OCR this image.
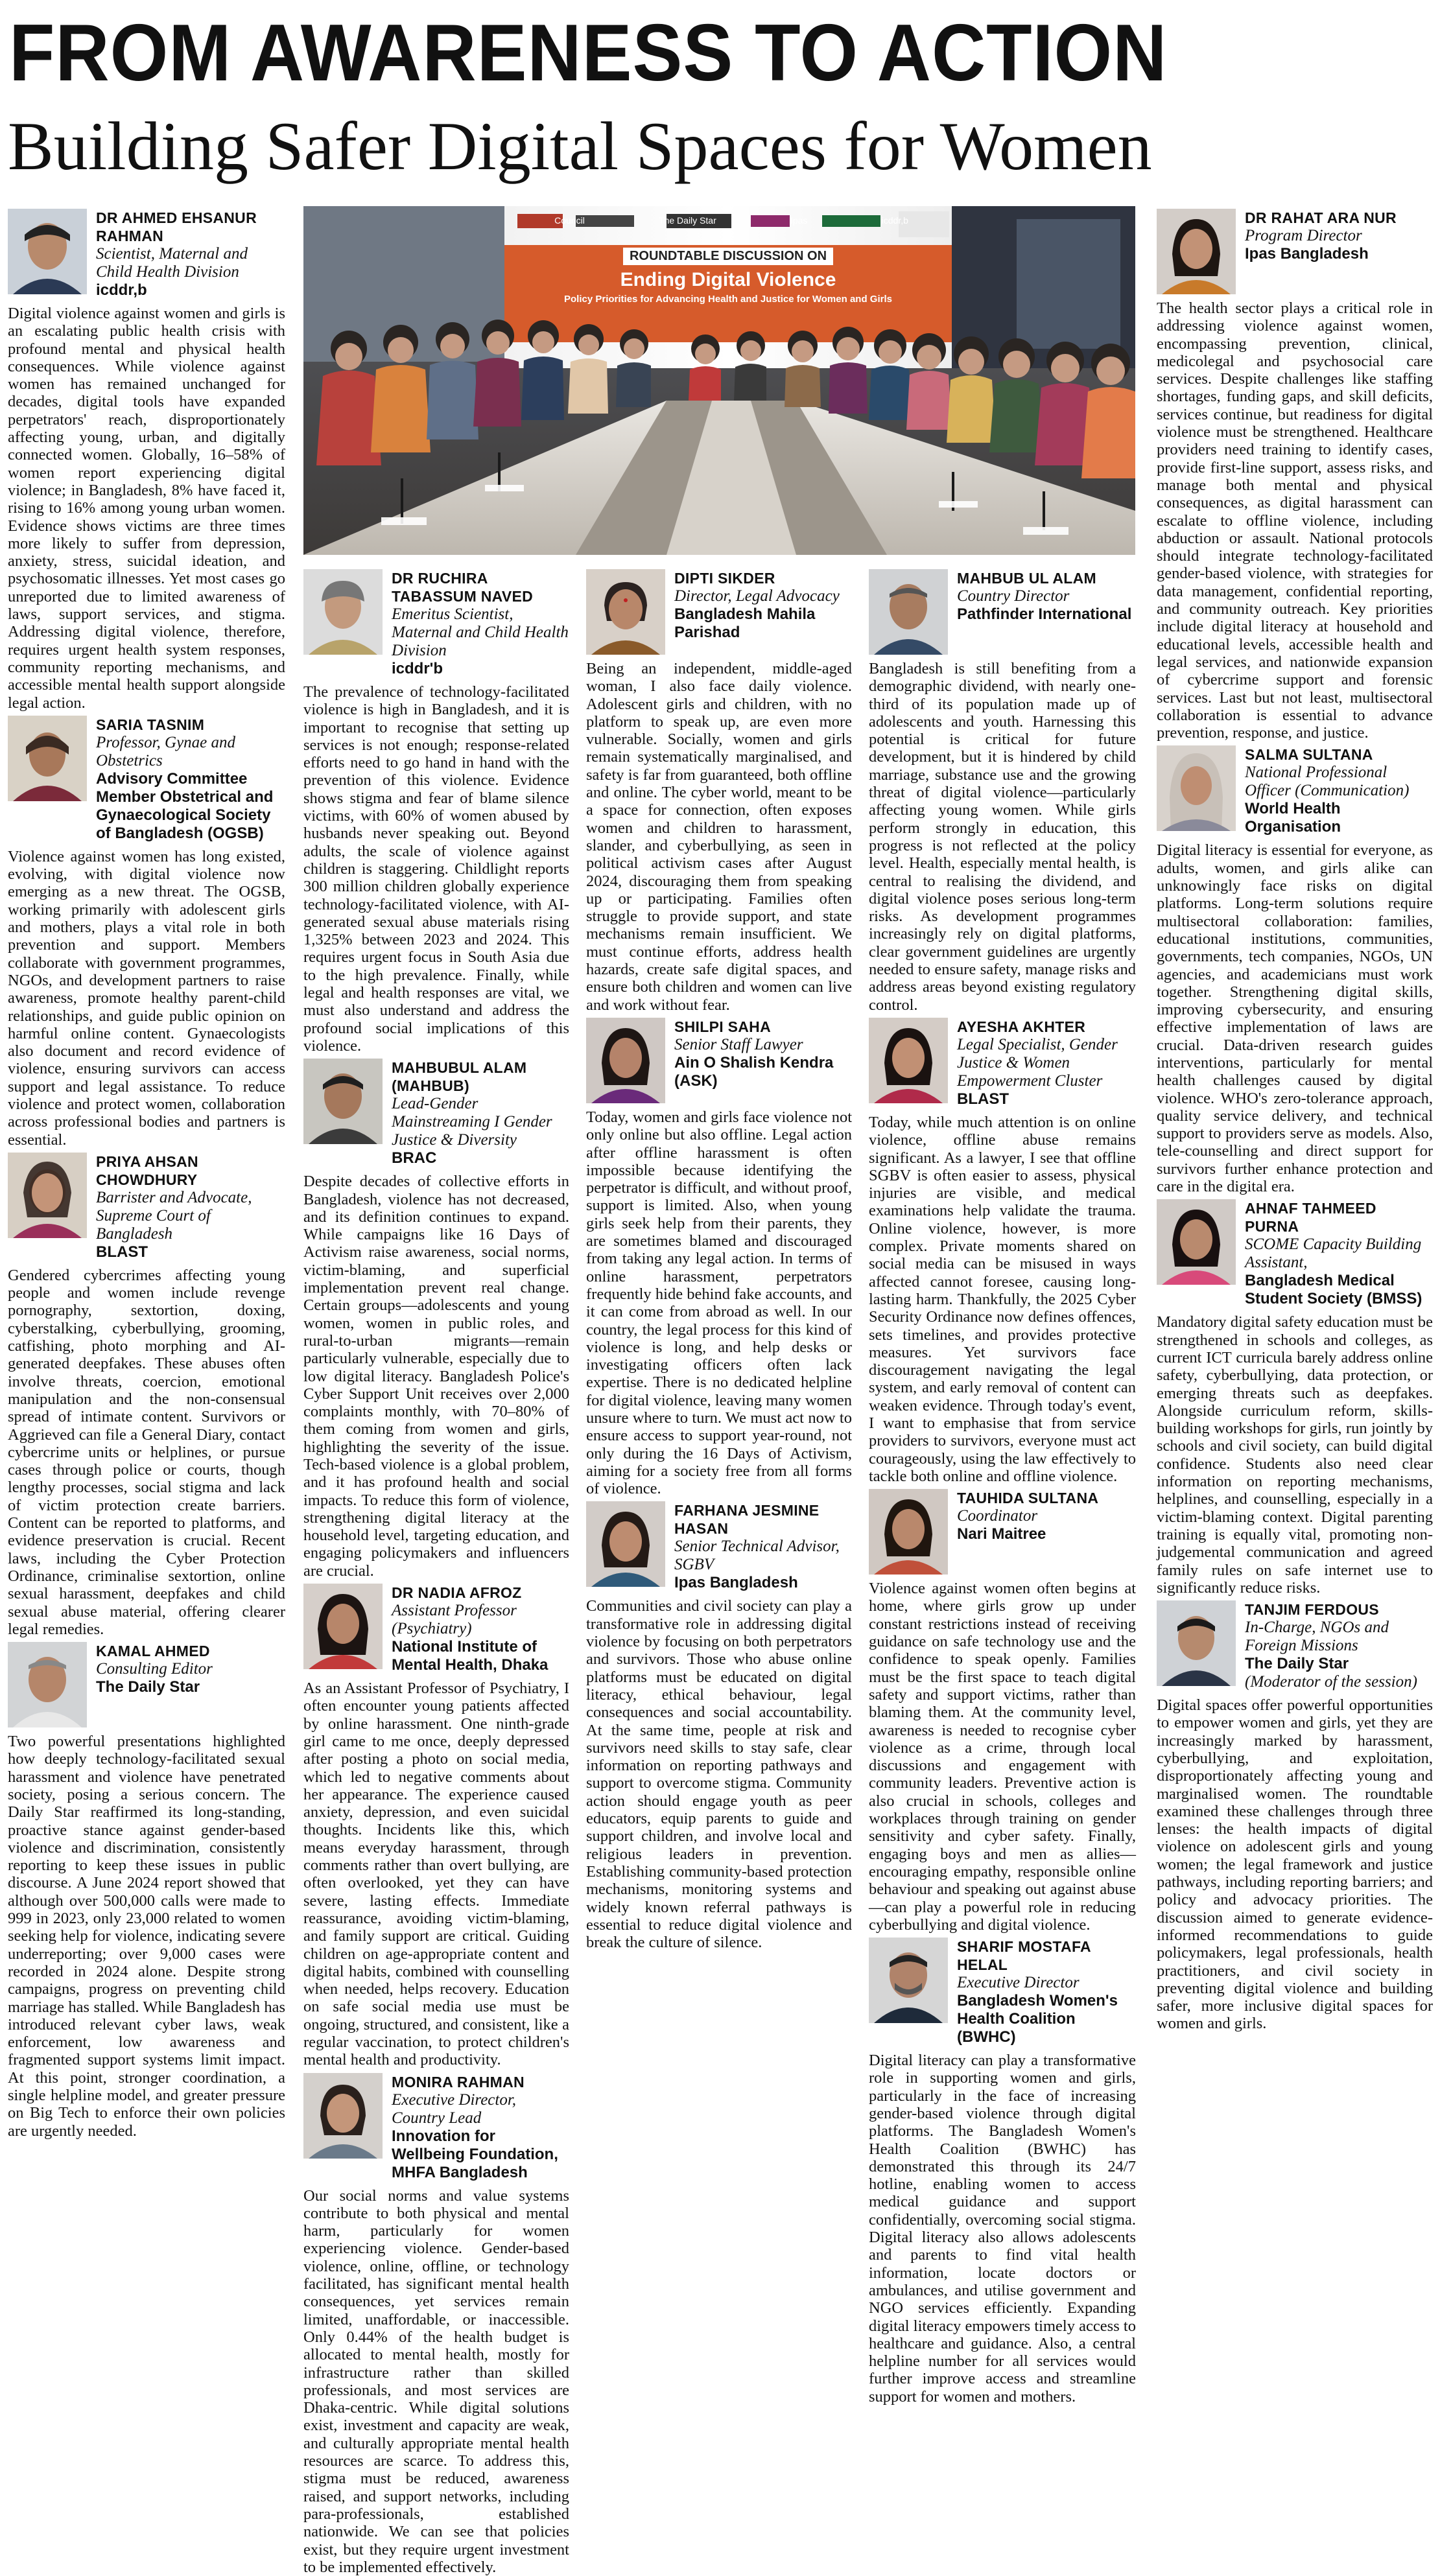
FROM AWARENESS TO ACTION
Building Safer Digital Spaces for Women
ROUNDTABLE DISCUSSION ON
Ending Digital Violence
Policy Priorities for Advancing Health and Justice for Women and Girls
Council	The Daily Star	Ipas	icddr,b
DR AHMED EHSANUR RAHMAN
Scientist, Maternal and Child Health Division
icddr,b

Digital violence against women and girls is an escalating public health crisis with profound mental and physical health consequences. While violence against women has remained unchanged for decades, digital tools have expanded perpetrators' reach, disproportionately affecting young, urban, and digitally connected women. Globally, 16–58% of women report experiencing digital violence; in Bangladesh, 8% have faced it, rising to 16% among young urban women. Evidence shows victims are three times more likely to suffer from depression, anxiety, stress, suicidal ideation, and psychosomatic illnesses. Yet most cases go unreported due to limited awareness of laws, support services, and stigma. Addressing digital violence, therefore, requires urgent health system responses, community reporting mechanisms, and accessible mental health support alongside legal action.

SARIA TASNIM
Professor, Gynae and Obstetrics
Advisory Committee Member Obstetrical and Gynaecological Society of Bangladesh (OGSB)

Violence against women has long existed, evolving, with digital violence now emerging as a new threat. The OGSB, working primarily with adolescent girls and mothers, plays a vital role in both prevention and support. Members collaborate with government programmes, NGOs, and development partners to raise awareness, promote healthy parent-child relationships, and guide public opinion on harmful online content. Gynaecologists also document and record evidence of violence, ensuring survivors can access support and legal assistance. To reduce violence and protect women, collaboration across professional bodies and partners is essential.

PRIYA AHSAN CHOWDHURY
Barrister and Advocate, Supreme Court of Bangladesh
BLAST

Gendered cybercrimes affecting young people and women include revenge pornography, sextortion, doxing, cyberstalking, cyberbullying, grooming, catfishing, photo morphing and AI-generated deepfakes. These abuses often involve threats, coercion, emotional manipulation and the non-consensual spread of intimate content. Survivors or Aggrieved can file a General Diary, contact cybercrime units or helplines, or pursue cases through police or courts, though lengthy processes, social stigma and lack of victim protection create barriers. Content can be reported to platforms, and evidence preservation is crucial. Recent laws, including the Cyber Protection Ordinance, criminalise sextortion, online sexual harassment, deepfakes and child sexual abuse material, offering clearer legal remedies.

KAMAL AHMED
Consulting Editor
The Daily Star

Two powerful presentations highlighted how deeply technology-facilitated sexual harassment and violence have penetrated society, posing a serious concern. The Daily Star reaffirmed its long-standing, proactive stance against gender-based violence and discrimination, consistently reporting to keep these issues in public discourse. A June 2024 report showed that although over 500,000 calls were made to 999 in 2023, only 23,000 related to women seeking help for violence, indicating severe underreporting; over 9,000 cases were recorded in 2024 alone. Despite strong campaigns, progress on preventing child marriage has stalled. While Bangladesh has introduced relevant cyber laws, weak enforcement, low awareness and fragmented support systems limit impact. At this point, stronger coordination, a single helpline model, and greater pressure on Big Tech to enforce their own policies are urgently needed.

DR RUCHIRA TABASSUM NAVED
Emeritus Scientist, Maternal and Child Health Division
icddr'b

The prevalence of technology-facilitated violence is high in Bangladesh, and it is important to recognise that setting up services is not enough; response-related efforts need to go hand in hand with the prevention of this violence. Evidence shows stigma and fear of blame silence victims, with 60% of women abused by husbands never speaking out. Beyond adults, the scale of violence against children is staggering. Childlight reports 300 million children globally experience technology-facilitated violence, with AI-generated sexual abuse materials rising 1,325% between 2023 and 2024. This requires urgent focus in South Asia due to the high prevalence. Finally, while legal and health responses are vital, we must also understand and address the profound social implications of this violence.

MAHBUBUL ALAM (MAHBUB)
Lead-Gender Mainstreaming I Gender Justice & Diversity
BRAC

Despite decades of collective efforts in Bangladesh, violence has not decreased, and its definition continues to expand. While campaigns like 16 Days of Activism raise awareness, social norms, victim-blaming, and superficial implementation prevent real change. Certain groups—adolescents and young women, women in public roles, and rural-to-urban migrants—remain particularly vulnerable, especially due to low digital literacy. Bangladesh Police's Cyber Support Unit receives over 2,000 complaints monthly, with 70–80% of them coming from women and girls, highlighting the severity of the issue. Tech-based violence is a global problem, and it has profound health and social impacts. To reduce this form of violence, strengthening digital literacy at the household level, targeting education, and engaging policymakers and influencers are crucial.

DR NADIA AFROZ
Assistant Professor (Psychiatry)
National Institute of Mental Health, Dhaka

As an Assistant Professor of Psychiatry, I often encounter young patients affected by online harassment. One ninth-grade girl came to me once, deeply depressed after posting a photo on social media, which led to negative comments about her appearance. The experience caused anxiety, depression, and even suicidal thoughts. Incidents like this, which means everyday harassment, through comments rather than overt bullying, are often overlooked, yet they can have severe, lasting effects. Immediate reassurance, avoiding victim-blaming, and family support are critical. Guiding children on age-appropriate content and digital habits, combined with counselling when needed, helps recovery. Education on safe social media use must be ongoing, structured, and consistent, like a regular vaccination, to protect children's mental health and productivity.

MONIRA RAHMAN
Executive Director, Country Lead
Innovation for Wellbeing Foundation, MHFA Bangladesh

Our social norms and value systems contribute to both physical and mental harm, particularly for women experiencing violence. Gender-based violence, online, offline, or technology facilitated, has significant mental health consequences, yet services remain limited, unaffordable, or inaccessible. Only 0.44% of the health budget is allocated to mental health, mostly for infrastructure rather than skilled professionals, and most services are Dhaka-centric. While digital solutions exist, investment and capacity are weak, and culturally appropriate mental health resources are scarce. To address this, stigma must be reduced, awareness raised, and support networks, including para-professionals, established nationwide. We can see that policies exist, but they require urgent investment to be implemented effectively.

DIPTI SIKDER
Director, Legal Advocacy
Bangladesh Mahila Parishad

Being an independent, middle-aged woman, I also face daily violence. Adolescent girls and children, with no platform to speak up, are even more vulnerable. Socially, women and girls remain systematically marginalised, and safety is far from guaranteed, both offline and online. The cyber world, meant to be a space for connection, often exposes women and children to harassment, slander, and cyberbullying, as seen in political activism cases after August 2024, discouraging them from speaking up or participating. Families often struggle to provide support, and state mechanisms remain insufficient. We must continue efforts, address health hazards, create safe digital spaces, and ensure both children and women can live and work without fear.

SHILPI SAHA
Senior Staff Lawyer
Ain O Shalish Kendra (ASK)

Today, women and girls face violence not only online but also offline. Legal action after offline harassment is often impossible because identifying the perpetrator is difficult, and without proof, support is limited. Also, when young girls seek help from their parents, they are sometimes blamed and discouraged from taking any legal action. In terms of online harassment, perpetrators frequently hide behind fake accounts, and it can come from abroad as well. In our country, the legal process for this kind of violence is long, and help desks or investigating officers often lack expertise. There is no dedicated helpline for digital violence, leaving many women unsure where to turn. We must act now to ensure access to support year-round, not only during the 16 Days of Activism, aiming for a society free from all forms of violence.

FARHANA JESMINE HASAN
Senior Technical Advisor, SGBV
Ipas Bangladesh

Communities and civil society can play a transformative role in addressing digital violence by focusing on both perpetrators and survivors. Those who abuse online platforms must be educated on digital literacy, ethical behaviour, legal consequences and social accountability. At the same time, people at risk and survivors need skills to stay safe, clear information on reporting pathways and support to overcome stigma. Community action should engage youth as peer educators, equip parents to guide and support children, and involve local and religious leaders in prevention. Establishing community-based protection mechanisms, monitoring systems and widely known referral pathways is essential to reduce digital violence and break the culture of silence.

MAHBUB UL ALAM
Country Director
Pathfinder International

Bangladesh is still benefiting from a demographic dividend, with nearly one-third of its population made up of adolescents and youth. Harnessing this potential is critical for future development, but it is hindered by child marriage, substance use and the growing threat of digital violence—particularly affecting young women. While girls perform strongly in education, this progress is not reflected at the policy level. Health, especially mental health, is central to realising the dividend, and digital violence poses serious long-term risks. As development programmes increasingly rely on digital platforms, clear government guidelines are urgently needed to ensure safety, manage risks and address areas beyond existing regulatory control.

AYESHA AKHTER
Legal Specialist, Gender Justice & Women Empowerment Cluster
BLAST

Today, while much attention is on online violence, offline abuse remains significant. As a lawyer, I see that offline SGBV is often easier to assess, physical injuries are visible, and medical examinations help validate the trauma. Online violence, however, is more complex. Private moments shared on social media can be misused in ways affected cannot foresee, causing long-lasting harm. Thankfully, the 2025 Cyber Security Ordinance now defines offences, sets timelines, and provides protective measures. Yet survivors face discouragement navigating the legal system, and early removal of content can weaken evidence. Through today's event, I want to emphasise that from service providers to survivors, everyone must act courageously, using the law effectively to tackle both online and offline violence.

TAUHIDA SULTANA
Coordinator
Nari Maitree

Violence against women often begins at home, where girls grow up under constant restrictions instead of receiving guidance on safe technology use and the confidence to speak openly. Families must be the first space to teach digital safety and support victims, rather than blaming them. At the community level, awareness is needed to recognise cyber violence as a crime, through local discussions and engagement with community leaders. Preventive action is also crucial in schools, colleges and workplaces through training on gender sensitivity and cyber safety. Finally, engaging boys and men as allies—encouraging empathy, responsible online behaviour and speaking out against abuse—can play a powerful role in reducing cyberbullying and digital violence.

SHARIF MOSTAFA HELAL
Executive Director
Bangladesh Women's Health Coalition (BWHC)

Digital literacy can play a transformative role in supporting women and girls, particularly in the face of increasing gender-based violence through digital platforms. The Bangladesh Women's Health Coalition (BWHC) has demonstrated this through its 24/7 hotline, enabling women to access medical guidance and support confidentially, overcoming social stigma. Digital literacy also allows adolescents and parents to find vital health information, locate doctors or ambulances, and utilise government and NGO services efficiently. Expanding digital literacy empowers timely access to healthcare and guidance. Also, a central helpline number for all services would further improve access and streamline support for women and mothers.

DR RAHAT ARA NUR
Program Director
Ipas Bangladesh

The health sector plays a critical role in addressing violence against women, encompassing prevention, clinical, medicolegal and psychosocial care services. Despite challenges like staffing shortages, funding gaps, and skill deficits, services continue, but readiness for digital violence must be strengthened. Healthcare providers need training to identify cases, provide first-line support, assess risks, and manage both mental and physical consequences, as digital harassment can escalate to offline violence, including abduction or assault. National protocols should integrate technology-facilitated gender-based violence, with strategies for data management, confidential reporting, and community outreach. Key priorities include digital literacy at household and educational levels, accessible health and legal services, and nationwide expansion of cybercrime support and forensic services. Last but not least, multisectoral collaboration is essential to advance prevention, response, and justice.

SALMA SULTANA
National Professional Officer (Communication)
World Health Organisation

Digital literacy is essential for everyone, as adults, women, and girls alike can unknowingly face risks on digital platforms. Long-term solutions require multisectoral collaboration: families, educational institutions, communities, governments, tech companies, NGOs, UN agencies, and academicians must work together. Strengthening digital skills, improving cybersecurity, and ensuring effective implementation of laws are crucial. Data-driven research guides interventions, particularly for mental health challenges caused by digital violence. WHO's zero-tolerance approach, quality service delivery, and technical support to providers serve as models. Also, tele-counselling and direct support for survivors further enhance protection and care in the digital era.

AHNAF TAHMEED PURNA
SCOME Capacity Building Assistant,
Bangladesh Medical Student Society (BMSS)

Mandatory digital safety education must be strengthened in schools and colleges, as current ICT curricula barely address online safety, cyberbullying, data protection, or emerging threats such as deepfakes. Alongside curriculum reform, skills-building workshops for girls, run jointly by schools and civil society, can build digital confidence. Students also need clear information on reporting mechanisms, helplines, and counselling, especially in a victim-blaming context. Digital parenting training is equally vital, promoting non-judgemental communication and agreed family rules on safe internet use to significantly reduce risks.

TANJIM FERDOUS
In-Charge, NGOs and Foreign Missions
The Daily Star
(Moderator of the session)

Digital spaces offer powerful opportunities to empower women and girls, yet they are increasingly marked by harassment, cyberbullying, and exploitation, disproportionately affecting young and marginalised women. The roundtable examined these challenges through three lenses: the health impacts of digital violence on adolescent girls and young women; the legal framework and justice pathways, including reporting barriers; and policy and advocacy priorities. The discussion aimed to generate evidence-informed recommendations to guide policymakers, legal professionals, health practitioners, and civil society in preventing digital violence and building safer, more inclusive digital spaces for women and girls.
